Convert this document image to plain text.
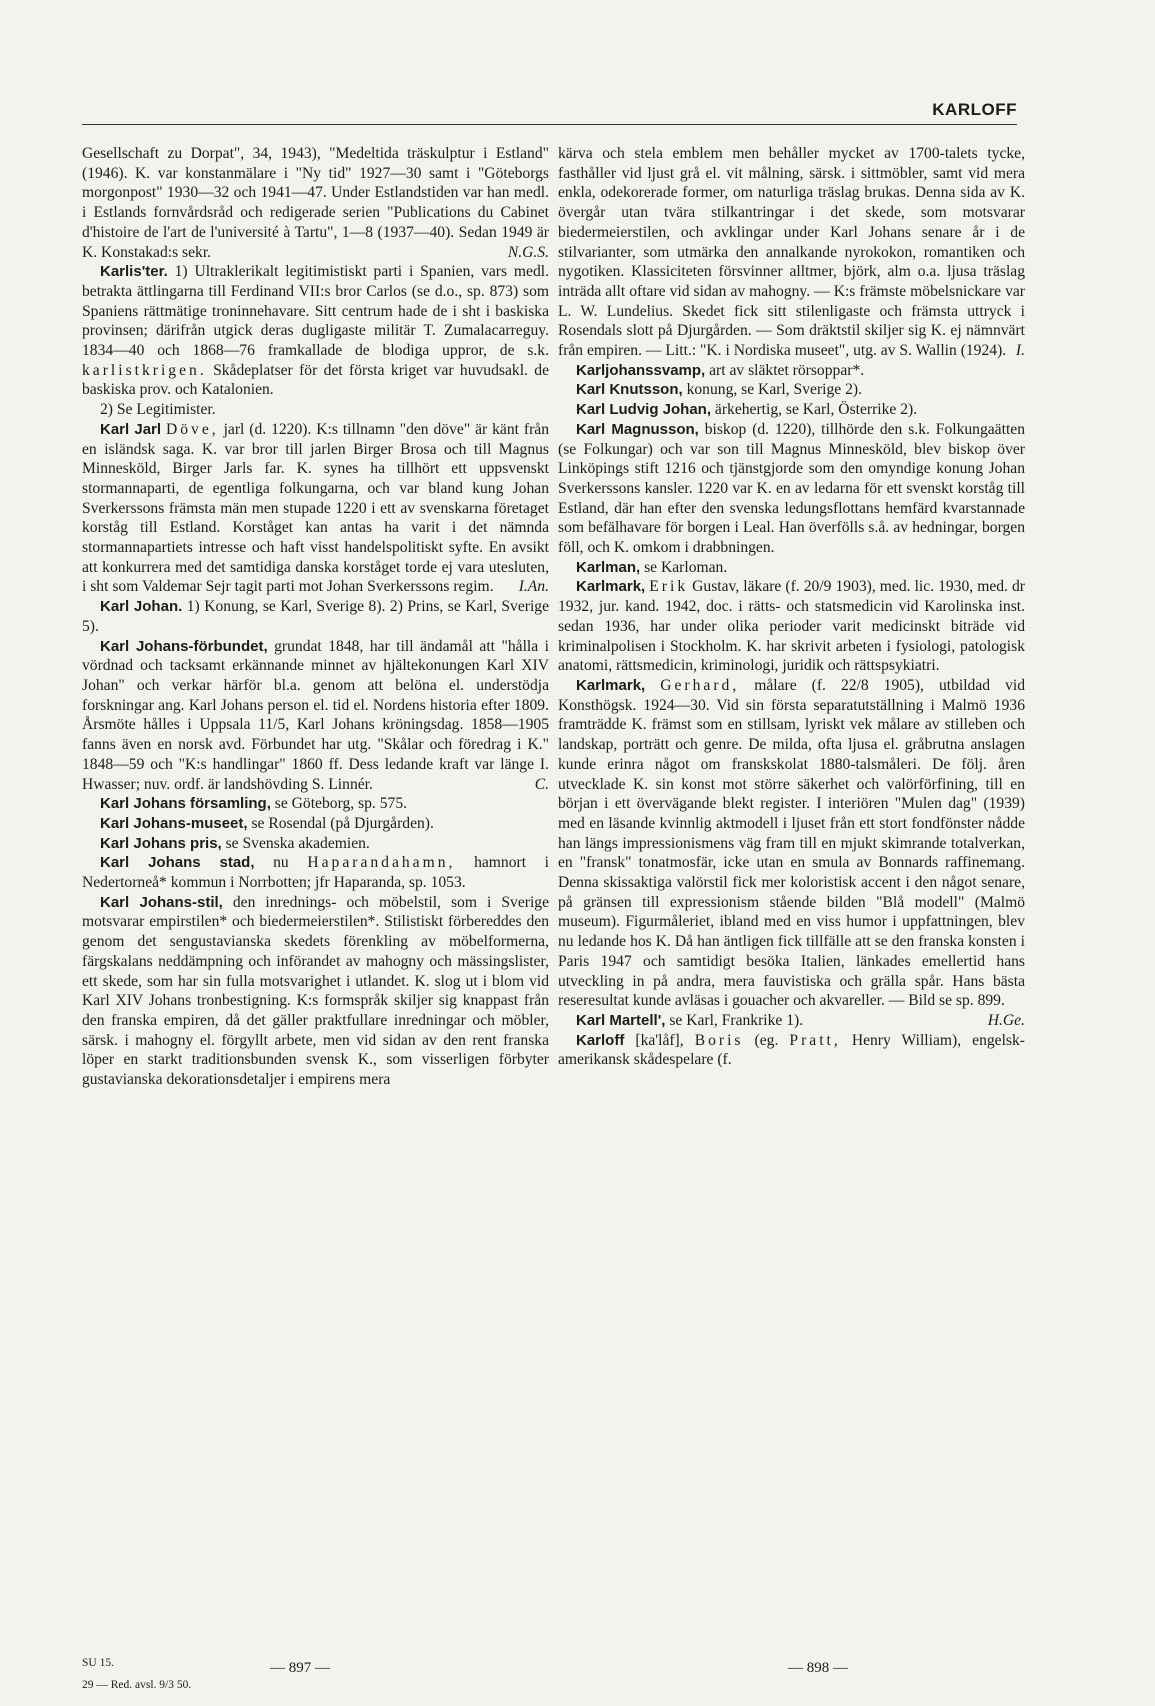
KARLOFF

Gesellschaft zu Dorpat", 34, 1943), "Medeltida träskulptur i Estland" (1946). K. var konstanmälare i "Ny tid" 1927—30 samt i "Göteborgs morgonpost" 1930—32 och 1941—47. Under Estlandstiden var han medl. i Estlands fornvårdsråd och redigerade serien "Publications du Cabinet d'histoire de l'art de l'université à Tartu", 1—8 (1937—40). Sedan 1949 är K. Konstakad:s sekr.	N.G.S.

Karlis'ter. 1) Ultraklerikalt legitimistiskt parti i Spanien, vars medl. betrakta ättlingarna till Ferdinand VII:s bror Carlos (se d.o., sp. 873) som Spaniens rättmätige troninnehavare. Sitt centrum hade de i sht i baskiska provinsen; därifrån utgick deras dugligaste militär T. Zumalacarreguy. 1834—40 och 1868—76 framkallade de blodiga uppror, de s.k. karlistkrigen. Skådeplatser för det första kriget var huvudsakl. de baskiska prov. och Katalonien.

2) Se Legitimister.

Karl Jarl Döve, jarl (d. 1220). K:s tillnamn "den döve" är känt från en isländsk saga. K. var bror till jarlen Birger Brosa och till Magnus Minnesköld, Birger Jarls far. K. synes ha tillhört ett uppsvenskt stormannaparti, de egentliga folkungarna, och var bland kung Johan Sverkerssons främsta män men stupade 1220 i ett av svenskarna företaget korståg till Estland. Korståget kan antas ha varit i det nämnda stormannapartiets intresse och haft visst handelspolitiskt syfte. En avsikt att konkurrera med det samtidiga danska korståget torde ej vara utesluten, i sht som Valdemar Sejr tagit parti mot Johan Sverkerssons regim.	I.An.

Karl Johan. 1) Konung, se Karl, Sverige 8). 2) Prins, se Karl, Sverige 5).

Karl Johans-förbundet, grundat 1848, har till ändamål att "hålla i vördnad och tacksamt erkännande minnet av hjältekonungen Karl XIV Johan" och verkar härför bl.a. genom att belöna el. understödja forskningar ang. Karl Johans person el. tid el. Nordens historia efter 1809. Årsmöte hålles i Uppsala 11/5, Karl Johans kröningsdag. 1858—1905 fanns även en norsk avd. Förbundet har utg. "Skålar och föredrag i K." 1848—59 och "K:s handlingar" 1860 ff. Dess ledande kraft var länge I. Hwasser; nuv. ordf. är landshövding S. Linnér.	C.

Karl Johans församling, se Göteborg, sp. 575.

Karl Johans-museet, se Rosendal (på Djurgården).

Karl Johans pris, se Svenska akademien.

Karl Johans stad, nu Haparandahamn, hamnort i Nedertorneå* kommun i Norrbotten; jfr Haparanda, sp. 1053.

Karl Johans-stil, den inrednings- och möbelstil, som i Sverige motsvarar empirstilen* och biedermeierstilen*. Stilistiskt förbereddes den genom det sengustavianska skedets förenkling av möbelformerna, färgskalans neddämpning och införandet av mahogny och mässingslister, ett skede, som har sin fulla motsvarighet i utlandet. K. slog ut i blom vid Karl XIV Johans tronbestigning. K:s formspråk skiljer sig knappast från den franska empiren, då det gäller praktfullare inredningar och möbler, särsk. i mahogny el. förgyllt arbete, men vid sidan av den rent franska löper en starkt traditionsbunden svensk K., som visserligen förbyter gustavianska dekorationsdetaljer i empirens mera

kärva och stela emblem men behåller mycket av 1700-talets tycke, fasthåller vid ljust grå el. vit målning, särsk. i sittmöbler, samt vid mera enkla, odekorerade former, om naturliga träslag brukas. Denna sida av K. övergår utan tvära stilkantringar i det skede, som motsvarar biedermeierstilen, och avklingar under Karl Johans senare år i de stilvarianter, som utmärka den annalkande nyrokokon, romantiken och nygotiken. Klassiciteten försvinner alltmer, björk, alm o.a. ljusa träslag inträda allt oftare vid sidan av mahogny. — K:s främste möbelsnickare var L. W. Lundelius. Skedet fick sitt stilenligaste och främsta uttryck i Rosendals slott på Djurgården. — Som dräktstil skiljer sig K. ej nämnvärt från empiren. — Litt.: "K. i Nordiska museet", utg. av S. Wallin (1924). I.

Karljohanssvamp, art av släktet rörsoppar*.

Karl Knutsson, konung, se Karl, Sverige 2).

Karl Ludvig Johan, ärkehertig, se Karl, Österrike 2).

Karl Magnusson, biskop (d. 1220), tillhörde den s.k. Folkungaätten (se Folkungar) och var son till Magnus Minnesköld, blev biskop över Linköpings stift 1216 och tjänstgjorde som den omyndige konung Johan Sverkerssons kansler. 1220 var K. en av ledarna för ett svenskt korståg till Estland, där han efter den svenska ledungsflottans hemfärd kvarstannade som befälhavare för borgen i Leal. Han överfölls s.å. av hedningar, borgen föll, och K. omkom i drabbningen.

Karlman, se Karloman.

Karlmark, Erik Gustav, läkare (f. 20/9 1903), med. lic. 1930, med. dr 1932, jur. kand. 1942, doc. i rätts- och statsmedicin vid Karolinska inst. sedan 1936, har under olika perioder varit medicinskt biträde vid kriminalpolisen i Stockholm. K. har skrivit arbeten i fysiologi, patologisk anatomi, rättsmedicin, kriminologi, juridik och rättspsykiatri.

Karlmark, Gerhard, målare (f. 22/8 1905), utbildad vid Konsthögsk. 1924—30. Vid sin första separatutställning i Malmö 1936 framträdde K. främst som en stillsam, lyriskt vek målare av stilleben och landskap, porträtt och genre. De milda, ofta ljusa el. gråbrutna anslagen kunde erinra något om franskskolat 1880-talsmåleri. De följ. åren utvecklade K. sin konst mot större säkerhet och valörförfining, till en början i ett övervägande blekt register. I interiören "Mulen dag" (1939) med en läsande kvinnlig aktmodell i ljuset från ett stort fondfönster nådde han längs impressionismens väg fram till en mjukt skimrande totalverkan, en "fransk" tonatmosfär, icke utan en smula av Bonnards raffinemang. Denna skissaktiga valörstil fick mer koloristisk accent i den något senare, på gränsen till expressionism stående bilden "Blå modell" (Malmö museum). Figurmåleriet, ibland med en viss humor i uppfattningen, blev nu ledande hos K. Då han äntligen fick tillfälle att se den franska konsten i Paris 1947 och samtidigt besöka Italien, länkades emellertid hans utveckling in på andra, mera fauvistiska och grälla spår. Hans bästa reseresultat kunde avläsas i gouacher och akvareller. — Bild se sp. 899.
H.Ge.

Karl Martell', se Karl, Frankrike 1).

Karloff [ka'låf], Boris (eg. Pratt, Henry William), engelsk-amerikansk skådespelare (f.

— 897 —	— 898 —
SU 15.
29 — Red. avsl. 9/3 50.
